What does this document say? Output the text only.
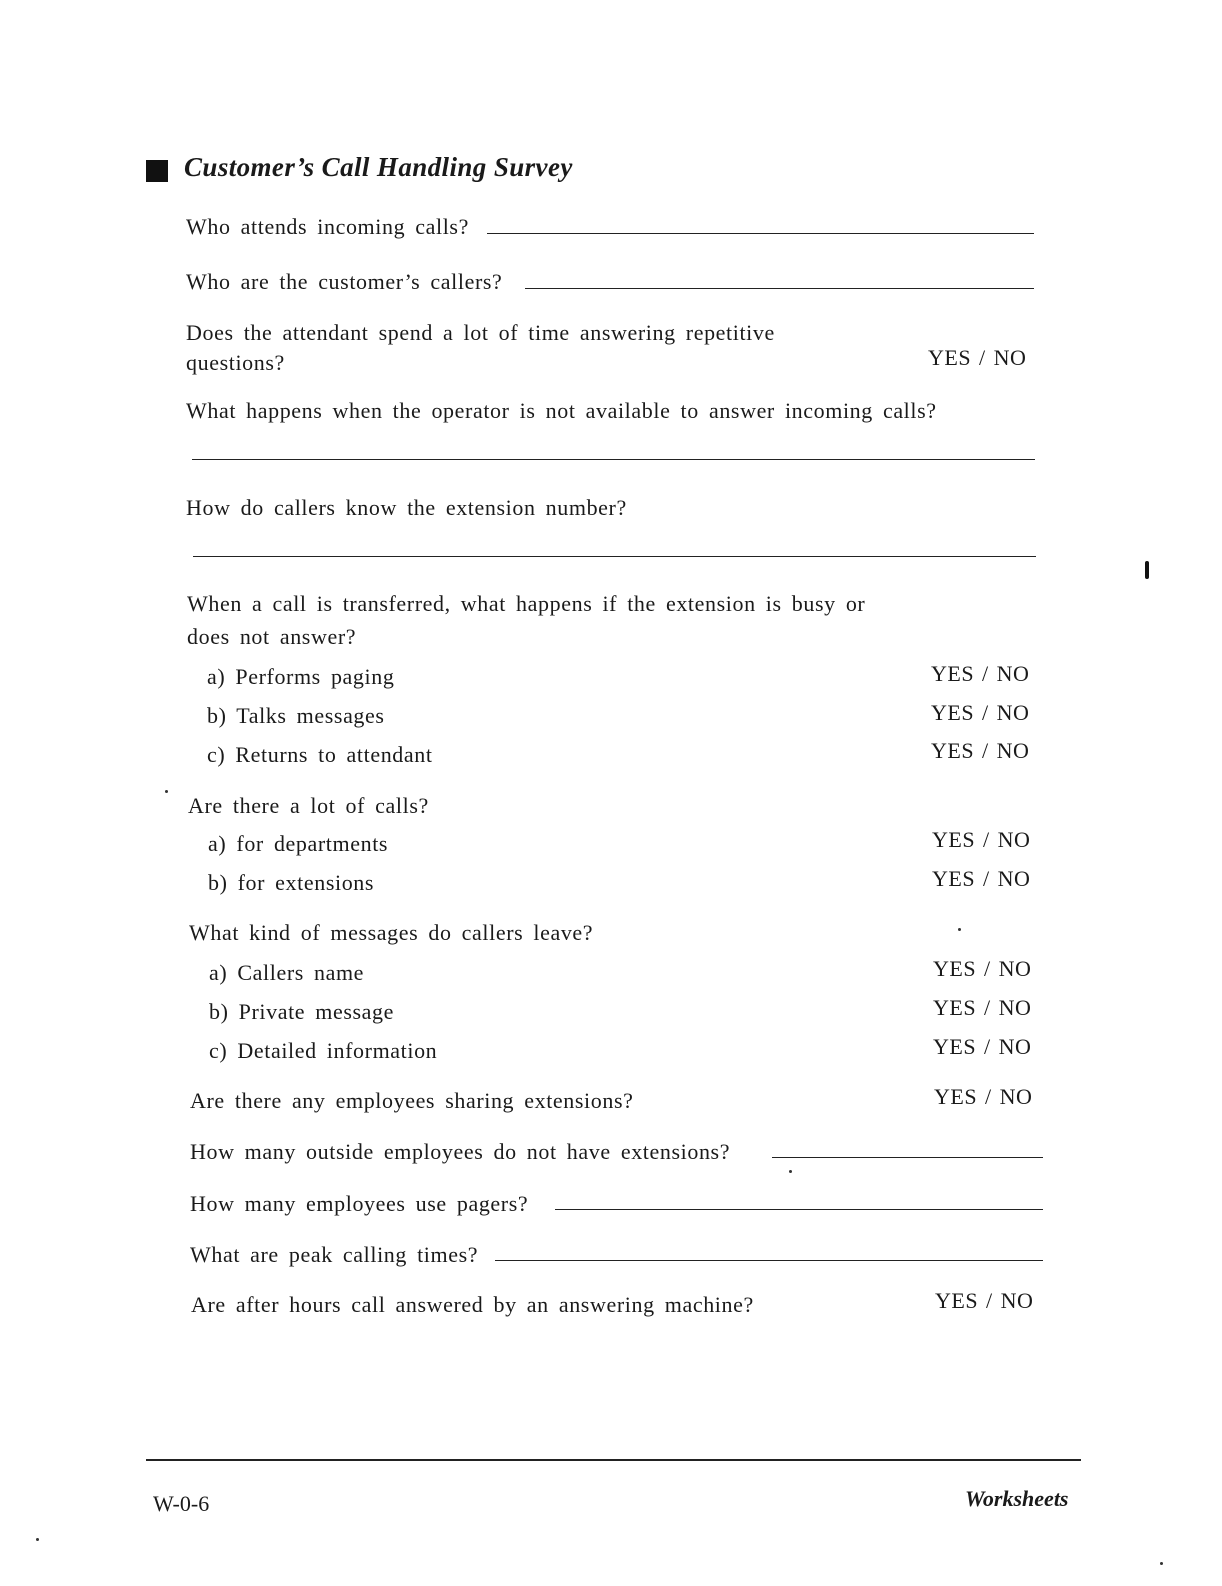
Customer’s Call Handling Survey
Who attends incoming calls?
Who are the customer’s callers?
Does the attendant spend a lot of time answering repetitive
questions?	YES / NO
What happens when the operator is not available to answer incoming calls?
How do callers know the extension number?
When a call is transferred, what happens if the extension is busy or
does not answer?
a) Performs paging	YES / NO
b) Talks messages	YES / NO
c) Returns to attendant	YES / NO
Are there a lot of calls?
a) for departments	YES / NO
b) for extensions	YES / NO
What kind of messages do callers leave?
a) Callers name	YES / NO
b) Private message	YES / NO
c) Detailed information	YES / NO
Are there any employees sharing extensions?	YES / NO
How many outside employees do not have extensions?
How many employees use pagers?
What are peak calling times?
Are after hours call answered by an answering machine?	YES / NO
W-0-6	Worksheets
